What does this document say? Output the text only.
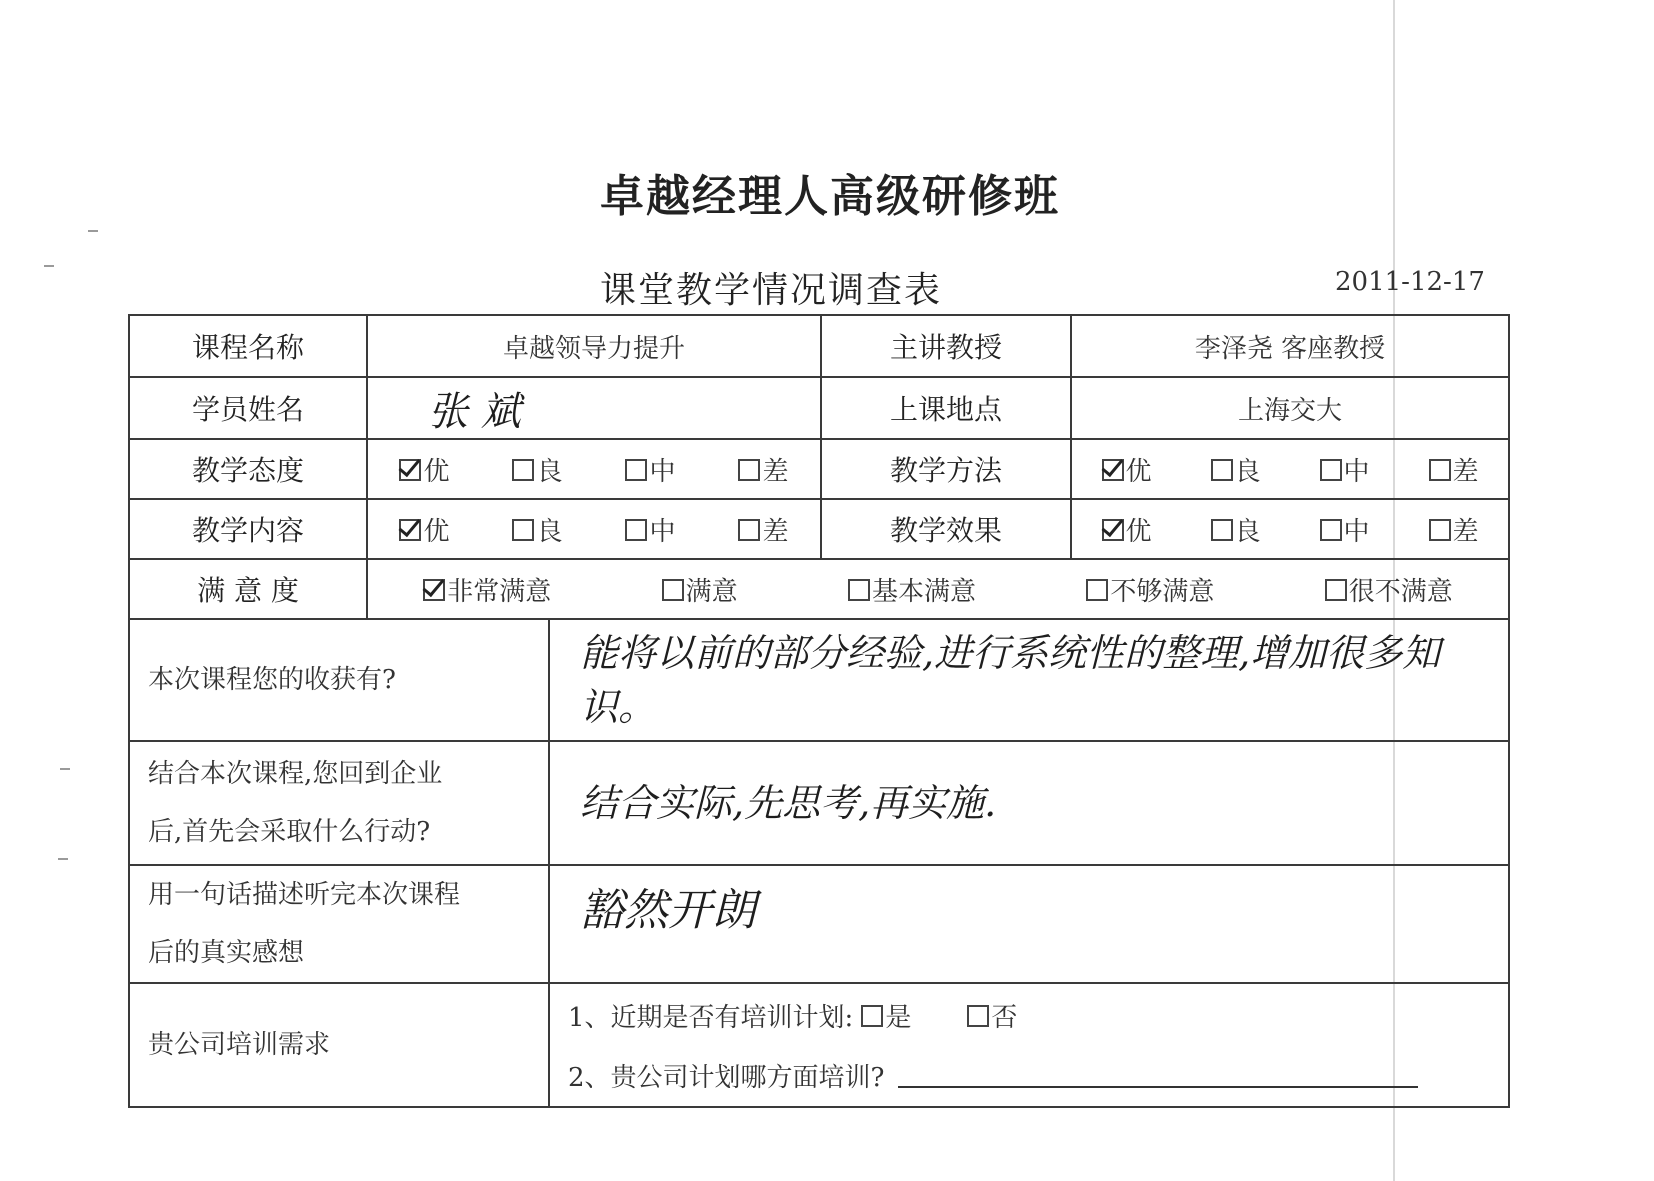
卓越经理人高级研修班
课堂教学情况调查表	2011-12-17
课程名称	卓越领导力提升		主讲教授	李泽尧 客座教授
学员姓名	张 斌		上课地点	上海交大
教学态度	优 良 中 差		教学方法	优 良 中 差

教学内容	优 良 中 差		教学效果	优 良 中 差

满 意 度	非常满意 满意 基本满意 不够满意 很不满意			

本次课程您的收获有?		能将以前的部分经验,进行系统性的整理,增加很多知识。		

结合本次课程,您回到企业
后,首先会采取什么行动?		结合实际,先思考,再实施.		

用一句话描述听完本次课程
后的真实感想		豁然开朗		
贵公司培训需求		1、近期是否有培训计划: 是 否
2、贵公司计划哪方面培训?		
